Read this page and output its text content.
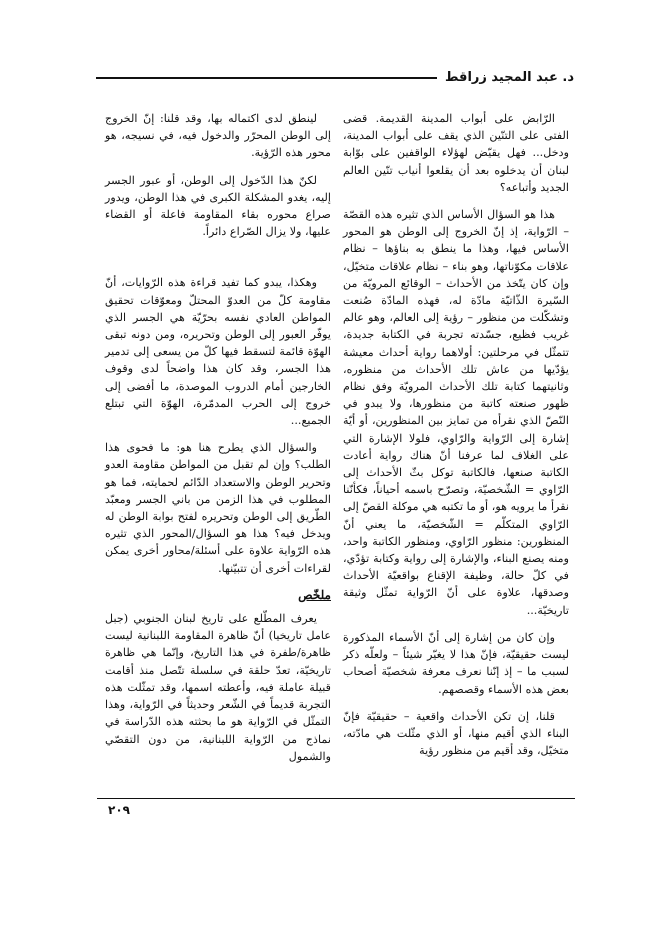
د. عبد المجيد زراقط

الرّابض على أبواب المدينة القديمة. قضى الفتى على التنّين الذي يقف على أبواب المدينة، ودخل... فهل يقيّض لهؤلاء الواقفين على بوّابة لبنان أن يدخلوه بعد أن يقلعوا أنياب تنّين العالم الجديد وأتباعه؟

هذا هو السؤال الأساس الذي تثيره هذه القصّة – الرّواية، إذ إنّ الخروج إلى الوطن هو المحور الأساس فيها، وهذا ما ينطق به بناؤها – نظام علاقات مكوّناتها، وهو بناء – نظام علاقات متخيّل، وإن كان يتّخذ من الأحداث – الوقائع المرويّة من السّيرة الذّاتيّة مادّة له، فهذه المادّة صُنعت وتشكّلت من منظور – رؤية إلى العالم، وهو عالم غريب فظيع، جسّدته تجربة في الكتابة جديدة، تتمثّل في مرحلتين: أولاهما رواية أحداث معيشة يؤدّيها من عاش تلك الأحداث من منظوره، وثانيتهما كتابة تلك الأحداث المرويّة وفق نظام ظهور صنعته كاتبة من منظورها، ولا يبدو في النّصّ الذي نقرأه من تمايز بين المنظورين، أو أيّة إشارة إلى الرّواية والرّاوي، فلولا الإشارة التي على الغلاف لما عرفنا أنّ هناك رواية أعادت الكاتبة صنعها، فالكاتبة توكل بثّ الأحداث إلى الرّاوي = الشّخصيّة، وتصرّح باسمه أحياناً، فكأنّنا نقرأ ما يرويه هو، أو ما تكتبه هي موكلة القصّ إلى الرّاوي المتكلّم = الشّخصيّة، ما يعني أنّ المنظورين: منظور الرّاوي، ومنظور الكاتبة واحد، ومنه يصنع البناء، والإشارة إلى رواية وكتابة تؤدّي، في كلّ حالة، وظيفة الإقناع بواقعيّة الأحداث وصدقها، علاوة على أنّ الرّواية تمثّل وثيقة تاريخيّة...

وإن كان من إشارة إلى أنّ الأسماء المذكورة ليست حقيقيّة، فإنّ هذا لا يغيّر شيئاً – ولعلّه ذكر لسبب ما – إذ إنّنا نعرف معرفة شخصيّة أصحاب بعض هذه الأسماء وقصصهم.

قلنا، إن تكن الأحداث واقعية – حقيقيّة فإنّ البناء الذي أقيم منها، أو الذي مثّلت هي مادّته، متخيّل، وقد أقيم من منظور رؤية

لينطق لدى اكتماله بها، وقد قلنا: إنّ الخروج إلى الوطن المحرّر والدخول فيه، في نسيجه، هو محور هذه الرّؤية.

لكنّ هذا الدّخول إلى الوطن، أو عبور الجسر إليه، يغدو المشكلة الكبرى في هذا الوطن، ويدور صراع محوره بقاء المقاومة فاعلة أو القضاء عليها، ولا يزال الصّراع دائراً.

وهكذا، يبدو كما تفيد قراءة هذه الرّوايات، أنّ مقاومة كلّ من العدوّ المحتلّ ومعوّقات تحقيق المواطن العادي نفسه بحرّيّة هي الجسر الذي يوفّر العبور إلى الوطن وتحريره، ومن دونه تبقى الهوّة قائمة لتسقط فيها كلّ من يسعى إلى تدمير هذا الجسر، وقد كان هذا واضحاً لدى وقوف الخارجين أمام الدروب الموصدة، ما أفضى إلى خروج إلى الحرب المدمّرة، الهوّة التي تبتلع الجميع...

والسؤال الذي يطرح هنا هو: ما فحوى هذا الطلب؟ وإن لم تقبل من المواطن مقاومة العدو وتحرير الوطن والاستعداد الدّائم لحمايته، فما هو المطلوب في هذا الزمن من باني الجسر ومعبّد الطّريق إلى الوطن وتحريره لفتح بوابة الوطن له ويدخل فيه؟ هذا هو السؤال/المحور الذي تثيره هذه الرّواية علاوة على أسئلة/محاور أخرى يمكن لقراءات أخرى أن تتبيّنها.

ملخّص

يعرف المطّلع على تاريخ لبنان الجنوبي (جبل عامل تاريخيا) أنّ ظاهرة المقاومة اللبنانية ليست ظاهرة/طفرة في هذا التاريخ، وإنّما هي ظاهرة تاريخيّة، تعدّ حلقة في سلسلة تتّصل منذ أقامت قبيلة عاملة فيه، وأعطته اسمها، وقد تمثّلت هذه التجربة قديماً في الشّعر وحديثاً في الرّواية، وهذا التمثّل في الرّواية هو ما بحثته هذه الدّراسة في نماذج من الرّواية اللبنانية، من دون التقصّي والشمول

٢٠٩
